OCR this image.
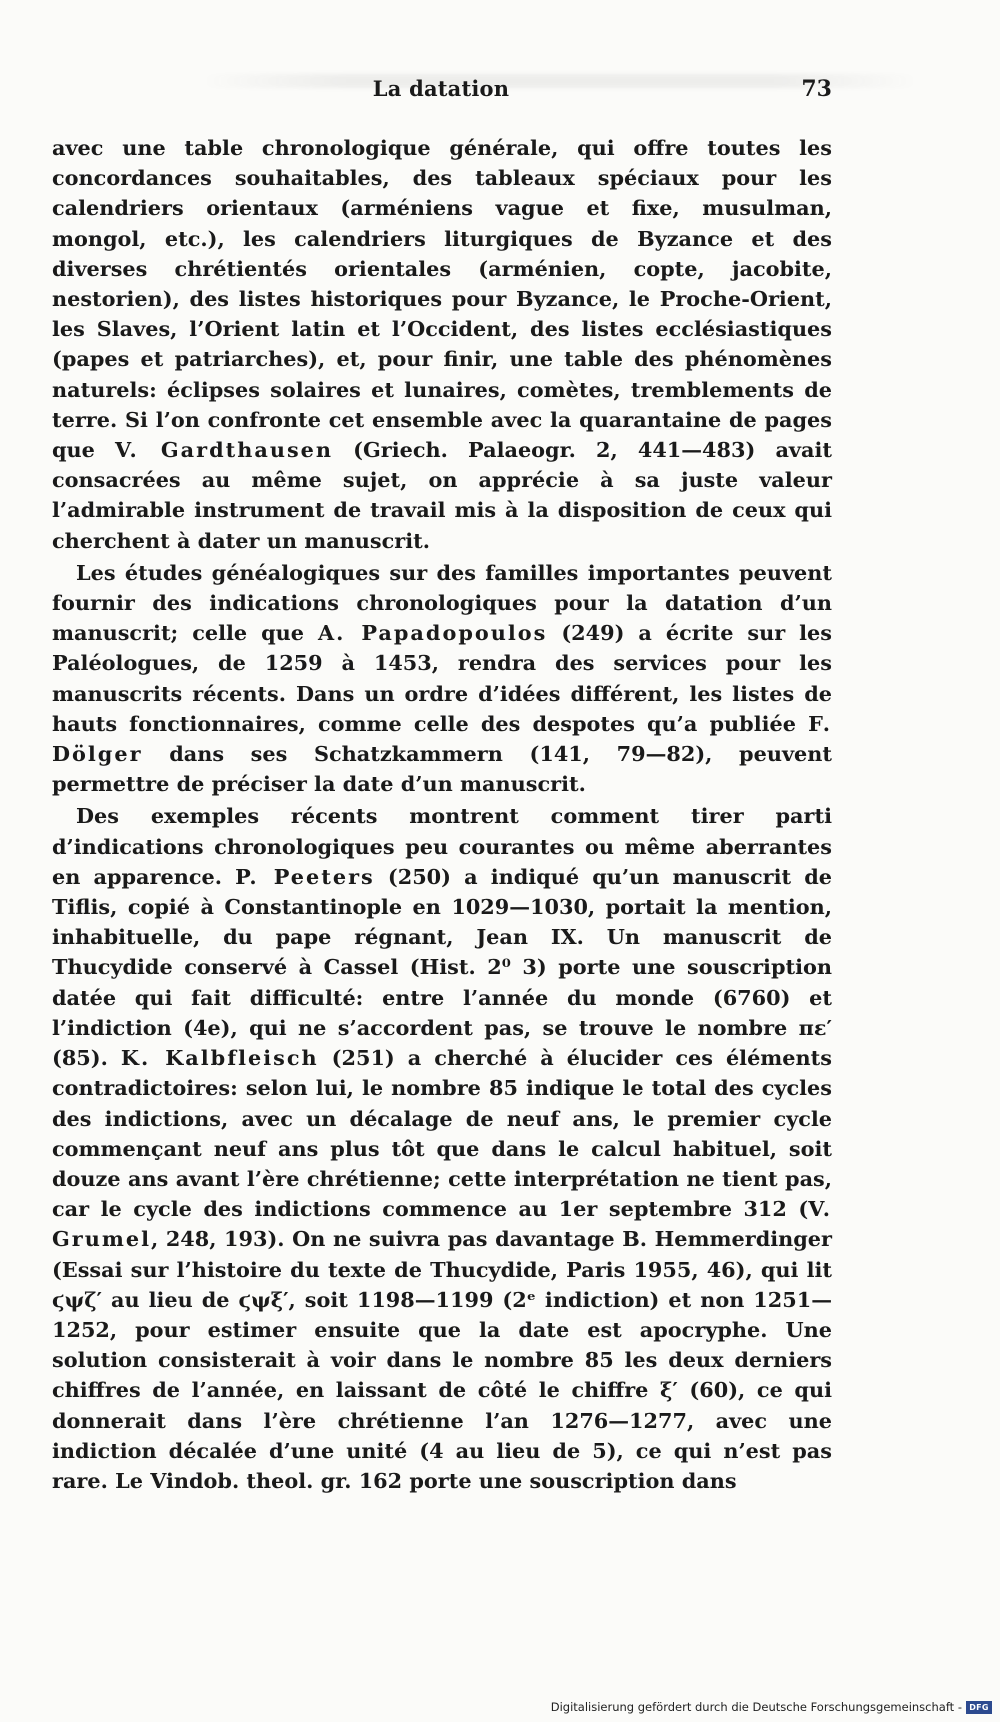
La datation	73

avec une table chronologique générale, qui offre toutes les concordances souhaitables, des tableaux spéciaux pour les calendriers orientaux (arméniens vague et fixe, musulman, mongol, etc.), les calendriers liturgiques de Byzance et des diverses chrétientés orientales (arménien, copte, jacobite, nestorien), des listes historiques pour Byzance, le Proche-Orient, les Slaves, l’Orient latin et l’Occident, des listes ecclésiastiques (papes et patriarches), et, pour finir, une table des phénomènes naturels: éclipses solaires et lunaires, comètes, tremblements de terre. Si l’on confronte cet ensemble avec la quarantaine de pages que V. Gardthausen (Griech. Palaeogr. 2, 441—483) avait consacrées au même sujet, on apprécie à sa juste valeur l’admirable instrument de travail mis à la disposition de ceux qui cherchent à dater un manuscrit.

Les études généalogiques sur des familles importantes peuvent fournir des indications chronologiques pour la datation d’un manuscrit; celle que A. Papadopoulos (249) a écrite sur les Paléologues, de 1259 à 1453, rendra des services pour les manuscrits récents. Dans un ordre d’idées différent, les listes de hauts fonctionnaires, comme celle des despotes qu’a publiée F. Dölger dans ses Schatzkammern (141, 79—82), peuvent permettre de préciser la date d’un manuscrit.

Des exemples récents montrent comment tirer parti d’indications chronologiques peu courantes ou même aberrantes en apparence. P. Peeters (250) a indiqué qu’un manuscrit de Tiflis, copié à Constantinople en 1029—1030, portait la mention, inhabituelle, du pape régnant, Jean IX. Un manuscrit de Thucydide conservé à Cassel (Hist. 2⁰ 3) porte une souscription datée qui fait difficulté: entre l’année du monde (6760) et l’indiction (4e), qui ne s’accordent pas, se trouve le nombre πε′ (85). K. Kalbfleisch (251) a cherché à élucider ces éléments contradictoires: selon lui, le nombre 85 indique le total des cycles des indictions, avec un décalage de neuf ans, le premier cycle commençant neuf ans plus tôt que dans le calcul habituel, soit douze ans avant l’ère chrétienne; cette interprétation ne tient pas, car le cycle des indictions commence au 1er septembre 312 (V. Grumel, 248, 193). On ne suivra pas davantage B. Hemmerdinger (Essai sur l’histoire du texte de Thucydide, Paris 1955, 46), qui lit ϛψζ′ au lieu de ϛψξ′, soit 1198—1199 (2ᵉ indiction) et non 1251—1252, pour estimer ensuite que la date est apocryphe. Une solution consisterait à voir dans le nombre 85 les deux derniers chiffres de l’année, en laissant de côté le chiffre ξ′ (60), ce qui donnerait dans l’ère chrétienne l’an 1276—1277, avec une indiction décalée d’une unité (4 au lieu de 5), ce qui n’est pas rare. Le Vindob. theol. gr. 162 porte une souscription dans

Digitalisierung gefördert durch die Deutsche Forschungsgemeinschaft - DFG
